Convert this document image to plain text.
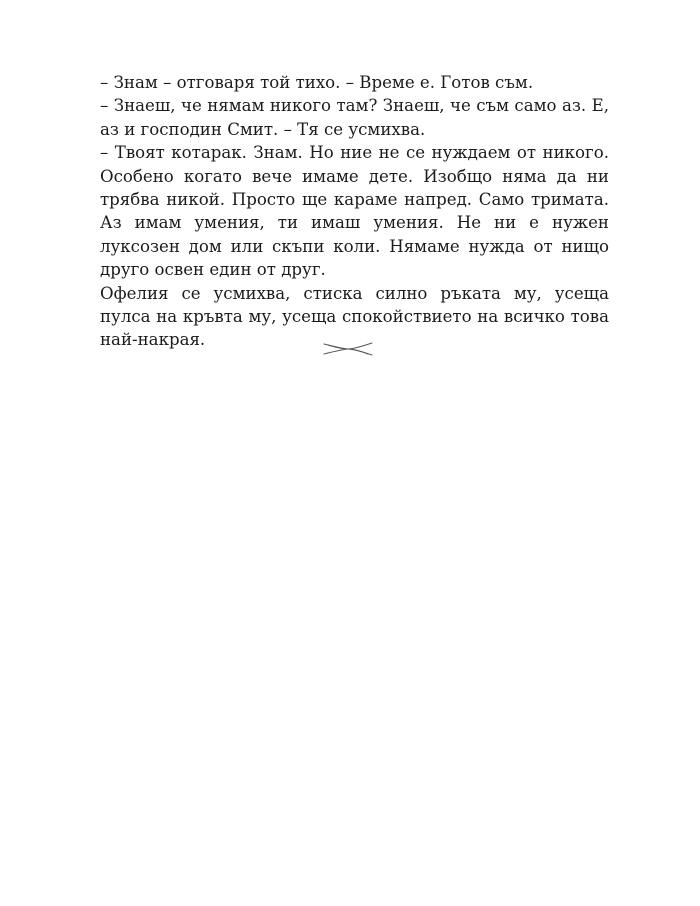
– Знам – отговаря той тихо. – Време е. Готов съм.

– Знаеш, че нямам никого там? Знаеш, че съм само аз. Е, аз и господин Смит. – Тя се усмихва.

– Твоят котарак. Знам. Но ние не се нуждаем от никого. Особено когато вече имаме дете. Изобщо няма да ни трябва никой. Просто ще караме напред. Само тримата. Аз имам умения, ти имаш умения. Не ни е нужен луксозен дом или скъпи коли. Нямаме нужда от нищо друго освен един от друг.

Офелия се усмихва, стиска силно ръката му, усеща пулса на кръвта му, усеща спокойствието на всичко това най-накрая.
